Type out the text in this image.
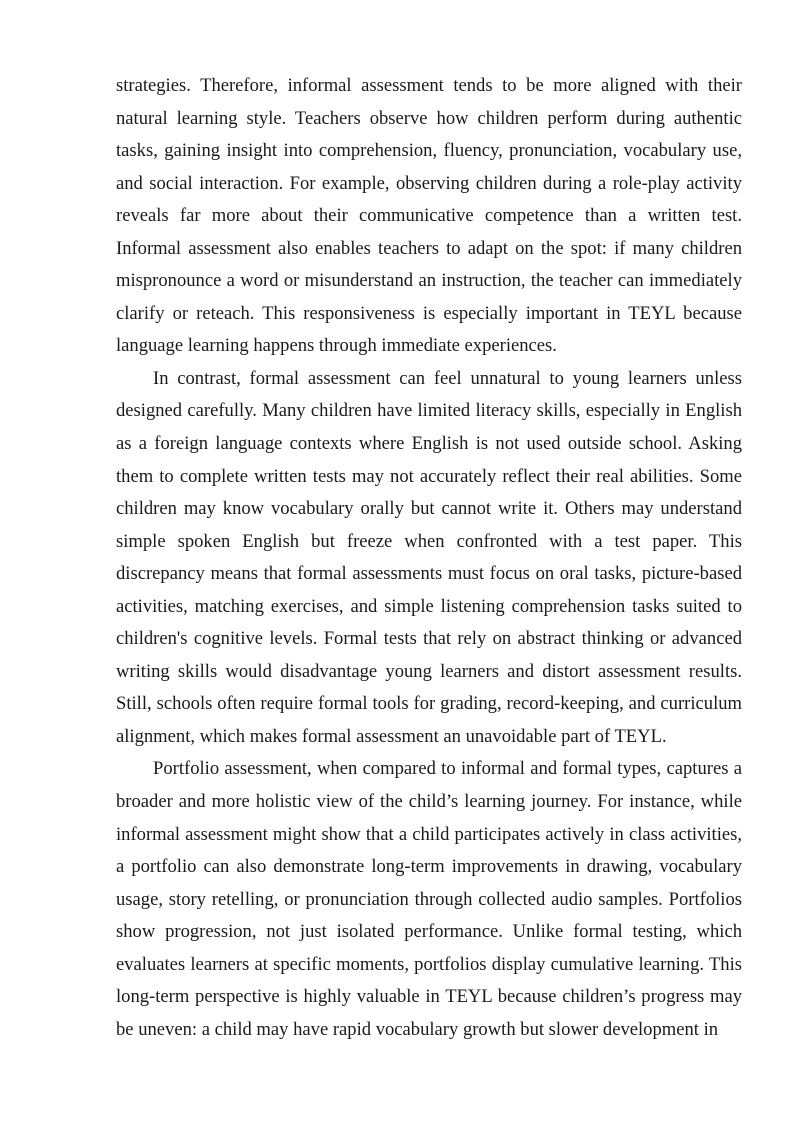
strategies. Therefore, informal assessment tends to be more aligned with their natural learning style. Teachers observe how children perform during authentic tasks, gaining insight into comprehension, fluency, pronunciation, vocabulary use, and social interaction. For example, observing children during a role-play activity reveals far more about their communicative competence than a written test. Informal assessment also enables teachers to adapt on the spot: if many children mispronounce a word or misunderstand an instruction, the teacher can immediately clarify or reteach. This responsiveness is especially important in TEYL because language learning happens through immediate experiences.

In contrast, formal assessment can feel unnatural to young learners unless designed carefully. Many children have limited literacy skills, especially in English as a foreign language contexts where English is not used outside school. Asking them to complete written tests may not accurately reflect their real abilities. Some children may know vocabulary orally but cannot write it. Others may understand simple spoken English but freeze when confronted with a test paper. This discrepancy means that formal assessments must focus on oral tasks, picture-based activities, matching exercises, and simple listening comprehension tasks suited to children's cognitive levels. Formal tests that rely on abstract thinking or advanced writing skills would disadvantage young learners and distort assessment results. Still, schools often require formal tools for grading, record-keeping, and curriculum alignment, which makes formal assessment an unavoidable part of TEYL.

Portfolio assessment, when compared to informal and formal types, captures a broader and more holistic view of the child’s learning journey. For instance, while informal assessment might show that a child participates actively in class activities, a portfolio can also demonstrate long-term improvements in drawing, vocabulary usage, story retelling, or pronunciation through collected audio samples. Portfolios show progression, not just isolated performance. Unlike formal testing, which evaluates learners at specific moments, portfolios display cumulative learning. This long-term perspective is highly valuable in TEYL because children’s progress may be uneven: a child may have rapid vocabulary growth but slower development in
